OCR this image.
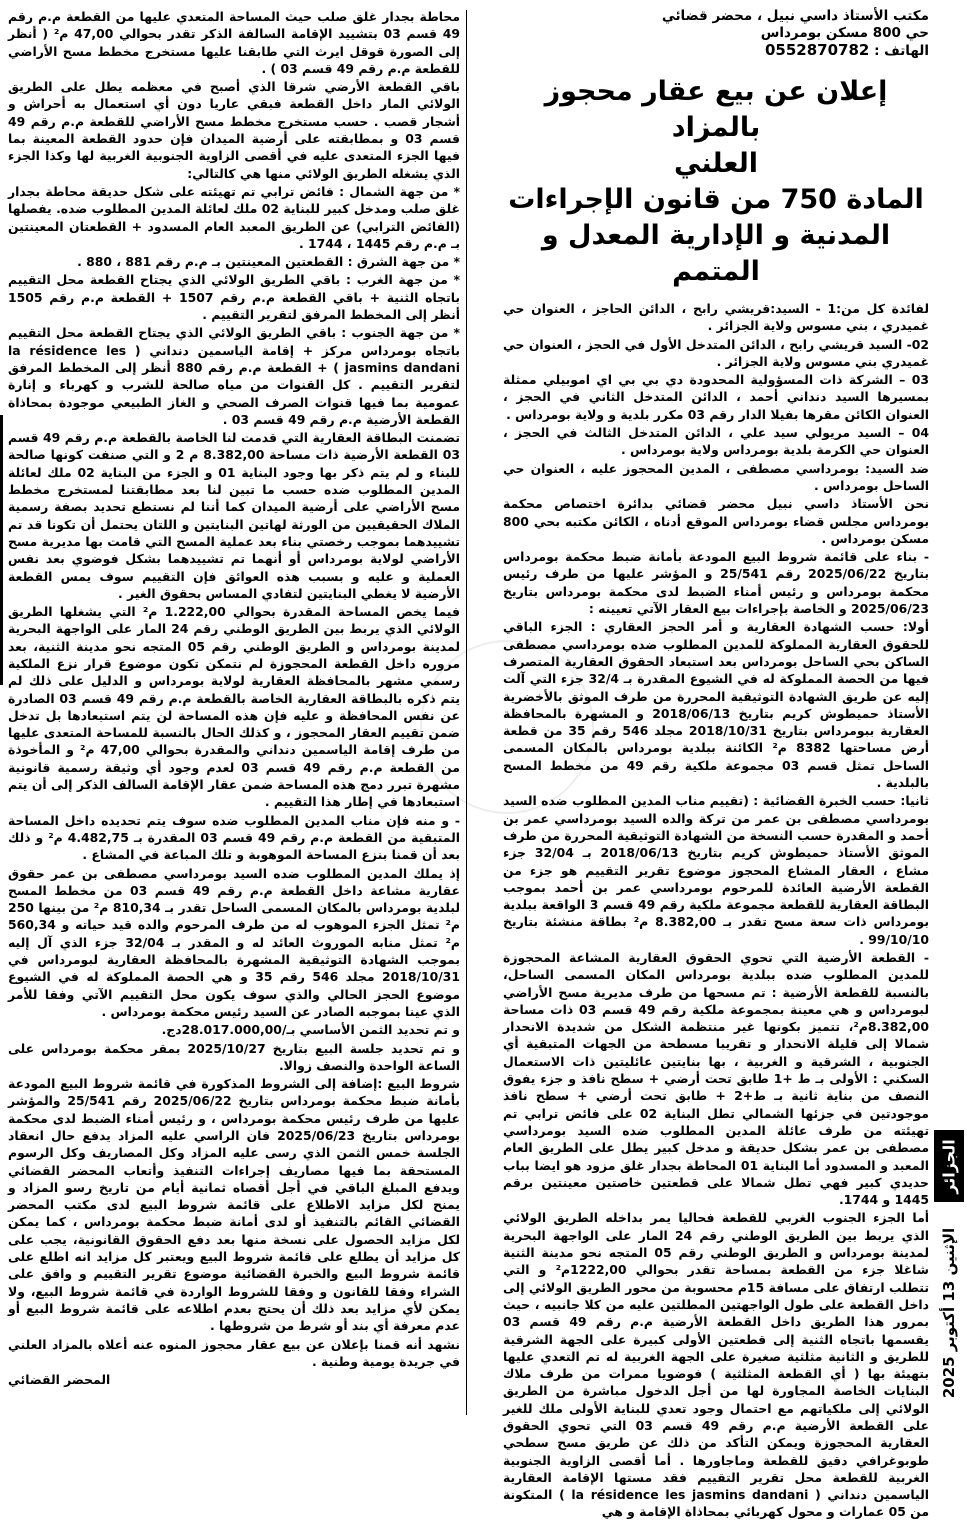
مكتب الأستاذ داسي نبيل ، محضر قضائي
حي 800 مسكن بومرداس
الهاتف : 0552870782
إعلان عن بيع عقار محجوز بالمزاد
العلني
المادة 750 من قانون الإجراءات
المدنية و الإدارية المعدل و المتمم

لفائدة كل من:1 - السيد:قريشي رابح ، الدائن الحاجز ، العنوان حي غميدري ، بني مسوس ولاية الجزائر .

02- السيد قريشي رابح ، الدائن المتدخل الأول في الحجز ، العنوان حي غميدري بني مسوس ولاية الجزائر .

03 – الشركة ذات المسؤولية المحدودة دي بي بي اي اموبيلي ممثلة بمسيرها السيد دنداني أحمد ، الدائن المتدخل الثاني في الحجز ، العنوان الكائن مقرها بفيلا الدار رقم 03 مكرر بلدية و ولاية بومرداس .

04 – السيد مريولي سيد علي ، الدائن المتدخل الثالث في الحجز ، العنوان حي الكرمة بلدية بومرداس ولاية بومرداس .

ضد السيد: بومرداسي مصطفى ، المدين المحجوز عليه ، العنوان حي الساحل بومرداس .

نحن الأستاذ داسي نبيل محضر قضائي بدائرة اختصاص محكمة بومرداس مجلس قضاء بومرداس الموقع أدناه ، الكائن مكتبه بحي 800 مسكن بومرداس .

- بناء على قائمة شروط البيع المودعة بأمانة ضبط محكمة بومرداس بتاريخ 2025/06/22 رقم 25/541 و المؤشر عليها من طرف رئيس محكمة بومرداس و رئيس أمناء الضبط لدى محكمة بومرداس بتاريخ 2025/06/23 و الخاصة بإجراءات بيع العقار الآتي تعيينه :

أولا: حسب الشهادة العقارية و أمر الحجز العقاري : الجزء الباقي للحقوق العقارية المملوكة للمدين المطلوب ضده بومرداسي مصطفى الساكن بحي الساحل بومرداس بعد استبعاد الحقوق العقارية المتصرف فيها من الحصة المملوكة له في الشيوع المقدرة بـ 32/4 جزء التي آلت إليه عن طريق الشهادة التوثيقية المحررة من طرف الموثق بالأخضرية الأستاذ حميطوش كريم بتاريخ 2018/06/13 و المشهرة بالمحافظة العقارية ببومرداس بتاريخ 2018/10/31 مجلد 546 رقم 35 من قطعة أرض مساحتها 8382 م² الكائنة ببلدية بومرداس بالمكان المسمى الساحل تمثل قسم 03 مجموعة ملكية رقم 49 من مخطط المسح بالبلدية .

ثانيا: حسب الخبرة القضائية : (تقييم مناب المدين المطلوب ضده السيد بومرداسي مصطفى بن عمر من تركة والده السيد بومرداسي عمر بن أحمد و المقدرة حسب النسخة من الشهادة التوثيقية المحررة من طرف الموثق الأستاذ حميطوش كريم بتاريخ 2018/06/13 بـ 32/04 جزء مشاع ، العقار المشاع المحجوز موضوع تقرير التقييم هو جزء من القطعة الأرضية العائدة للمرحوم بومرداسي عمر بن أحمد بموجب البطاقة العقارية للقطعة مجموعة ملكية رقم 49 قسم 3 الواقعة ببلدية بومرداس ذات سعة مسح تقدر بـ 8.382,00 م² بطاقة منشئة بتاريخ 99/10/10 .

- القطعة الأرضية التي تحوي الحقوق العقارية المشاعة المحجوزة للمدين المطلوب ضده ببلدية بومرداس المكان المسمى الساحل، بالنسبة للقطعة الأرضية : تم مسحها من طرف مديرية مسح الأراضي لبومرداس و هي معينة بمجموعة ملكية رقم 49 قسم 03 ذات مساحة 8.382,00م²، تتميز بكونها غير منتظمة الشكل من شديدة الانحدار شمالا إلى قليلة الانحدار و تقريبا مسطحة من الجهات المتبقية أي الجنوبية ، الشرقية و الغربية ، بها بنايتين عائليتين ذات الاستعمال السكني : الأولى بـ ط +1 طابق تحت أرضي + سطح نافذ و جزء يفوق النصف من بناية ثانية بـ ط+2 + طابق تحت أرضي + سطح نافذ موجودتين في جزئها الشمالي تطل البناية 02 على فائض ترابي تم تهيئته من طرف عائلة المدين المطلوب ضده السيد بومرداسي مصطفى بن عمر بشكل حديقة و مدخل كبير يطل على الطريق العام المعبد و المسدود أما البناية 01 المحاطة بجدار غلق مزود هو ايضا بباب حديدي كبير فهي تطل شمالا على قطعتين خاصتين معينتين برقم 1445 و 1744.

أما الجزء الجنوب الغربي للقطعة فحاليا يمر بداخله الطريق الولائي الذي يربط بين الطريق الوطني رقم 24 المار على الواجهة البحرية لمدينة بومرداس و الطريق الوطني رقم 05 المتجه نحو مدينة الثنية شاغلا جزء من القطعة بمساحة تقدر بحوالي 1222,00م² و التي تتطلب ارتفاق على مسافة 15م محسوبة من محور الطريق الولائي إلى داخل القطعة على طول الواجهتين المطلتين عليه من كلا جانبيه ، حيث بمرور هذا الطريق داخل القطعة الأرضية م.م رقم 49 قسم 03 يقسمها باتجاه الثنية إلى قطعتين الأولى كبيرة على الجهة الشرقية للطريق و الثانية مثلثية صغيرة على الجهة الغربية له تم التعدي عليها بتهيئة بها ( أي القطعة المثلثية ) فوضويا ممرات من طرف ملاك البنايات الخاصة المجاورة لها من أجل الدخول مباشرة من الطريق الولائي إلى ملكياتهم مع احتمال وجود تعدي للبناية الأولى ملك للغير على القطعة الأرضية م.م رقم 49 قسم 03 التي تحوي الحقوق العقارية المحجوزة ويمكن التأكد من ذلك عن طريق مسح سطحي طوبوغرافي دقيق للقطعة وماجاورها . أما أقصى الزاوية الجنوبية الغربية للقطعة محل تقرير التقييم فقد مستها الإقامة العقارية الياسمين دنداني ( la résidence les jasmins dandani ) المتكونة من 05 عمارات و محول كهربائي بمحاذاة الإقامة و هي

محاطة بجدار غلق صلب حيث المساحة المتعدي عليها من القطعة م.م رقم 49 قسم 03 بتشييد الإقامة السالفة الذكر تقدر بحوالي 47,00 م² ( أنظر إلى الصورة قوقل ايرث التي طابقنا عليها مستخرج مخطط مسح الأراضي للقطعة م.م رقم 49 قسم 03 ) .

باقي القطعة الأرضي شرقا الذي أصبح في معظمه يطل على الطريق الولائي المار داخل القطعة فبقي عاريا دون أي استعمال به أحراش و أشجار قصب . حسب مستخرج مخطط مسح الأراضي للقطعة م.م رقم 49 قسم 03 و بمطابقته على أرضية الميدان فإن حدود القطعة المعينة بما فيها الجزء المتعدى عليه في أقصى الزاوية الجنوبية الغربية لها وكذا الجزء الذي يشغله الطريق الولائي منها هي كالتالي:

* من جهة الشمال : فائض ترابي تم تهيئته على شكل حديقة محاطة بجدار غلق صلب ومدخل كبير للبناية 02 ملك لعائلة المدين المطلوب ضده. يفصلها (الفائض الترابي) عن الطريق المعبد العام المسدود + القطعتان المعينتين بـ م.م رقم 1445 ، 1744 .

* من جهة الشرق : القطعتين المعينتين بـ م.م رقم 881 ، 880 .

* من جهة الغرب : باقي الطريق الولائي الذي يجتاح القطعة محل التقييم باتجاه الثنية + باقي القطعة م.م رقم 1507 + القطعة م.م رقم 1505 أنظر إلى المخطط المرفق لتقرير التقييم .

* من جهة الجنوب : باقي الطريق الولائي الذي يجتاح القطعة محل التقييم باتجاه بومرداس مركز + إقامة الياسمين دنداني ( la résidence les jasmins dandani ) + القطعة م.م رقم 880 أنظر إلى المخطط المرفق لتقرير التقييم . كل القنوات من مياه صالحة للشرب و كهرباء و إنارة عمومية بما فيها قنوات الصرف الصحي و الغاز الطبيعي موجودة بمحاذاة القطعة الأرضية م.م رقم 49 قسم 03 .

تضمنت البطاقة العقارية التي قدمت لنا الخاصة بالقطعة م.م رقم 49 قسم 03 القطعة الأرضية ذات مساحة 8.382,00 م 2 و التي صنفت كونها صالحة للبناء و لم يتم ذكر بها وجود البناية 01 و الجزء من البناية 02 ملك لعائلة المدين المطلوب ضده حسب ما تبين لنا بعد مطابقتنا لمستخرج مخطط مسح الأراضي على أرضية الميدان كما أننا لم نستطع تحديد بصفة رسمية الملاك الحقيقيين من الورثة لهاتين البنايتين و اللتان يحتمل أن تكونا قد تم تشييدهما بموجب رخصتي بناء بعد عملية المسح التي قامت بها مديرية مسح الأراضي لولاية بومرداس أو أنهما تم تشييدهما بشكل فوضوي بعد نفس العملية و عليه و بسبب هذه العوائق فإن التقييم سوف يمس القطعة الأرضية لا يغطي البنايتين لتفادي المساس بحقوق الغير .

فيما يخص المساحة المقدرة بحوالي 1.222,00 م² التي يشغلها الطريق الولائي الذي يربط بين الطريق الوطني رقم 24 المار على الواجهة البحرية لمدينة بومرداس و الطريق الوطني رقم 05 المتجه نحو مدينة الثنية، بعد مروره داخل القطعة المحجوزة لم نتمكن تكون موضوع قرار نزع الملكية رسمي مشهر بالمحافظة العقارية لولاية بومرداس و الدليل على ذلك لم يتم ذكره بالبطاقة العقارية الخاصة بالقطعة م.م رقم 49 قسم 03 الصادرة عن نفس المحافظة و عليه فإن هذه المساحة لن يتم استبعادها بل تدخل ضمن تقييم العقار المحجوز ، و كذلك الحال بالنسبة للمساحة المتعدى عليها من طرف إقامة الياسمين دنداني والمقدرة بحوالي 47,00 م² و المأخوذة من القطعة م.م رقم 49 قسم 03 لعدم وجود أي وثيقة رسمية قانونية مشهرة تبرر دمج هذه المساحة ضمن عقار الإقامة السالف الذكر إلى أن يتم استبعادها في إطار هذا التقييم .

- و منه فإن مناب المدين المطلوب ضده سوف يتم تحديده داخل المساحة المتبقية من القطعة م.م رقم 49 قسم 03 المقدرة بـ 4.482,75 م² و ذلك بعد أن قمنا بنزع المساحة الموهوبة و تلك المباعة في المشاع .

إذ يملك المدين المطلوب ضده السيد بومرداسي مصطفى بن عمر حقوق عقارية مشاعة داخل القطعة م.م رقم 49 قسم 03 من مخطط المسح لبلدية بومرداس بالمكان المسمى الساحل تقدر بـ 810,34 م² من بينها 250 م² تمثل الجزء الموهوب له من طرف المرحوم والده قيد حياته و 560,34 م² تمثل منابه الموروث العائد له و المقدر بـ 32/04 جزء الذي آل إليه بموجب الشهادة التوثيقية المشهرة بالمحافظة العقارية لبومرداس في 2018/10/31 مجلد 546 رقم 35 و هي الحصة المملوكة له في الشيوع موضوع الحجز الحالي والذي سوف يكون محل التقييم الآتي وفقا للأمر الذي عينا بموجبه الصادر عن السيد رئيس محكمة بومرداس .

و تم تحديد الثمن الأساسي بـ/28.017.000,00دج.

و تم تحديد جلسة البيع بتاريخ 2025/10/27 بمقر محكمة بومرداس على الساعة الواحدة والنصف زوالا.

شروط البيع :إضافة إلى الشروط المذكورة في قائمة شروط البيع المودعة بأمانة ضبط محكمة بومرداس بتاريخ 2025/06/22 رقم 25/541 والمؤشر عليها من طرف رئيس محكمة بومرداس ، و رئيس أمناء الضبط لدى محكمة بومرداس بتاريخ 2025/06/23 فان الراسي عليه المزاد يدفع حال انعقاد الجلسة خمس الثمن الذي رسى عليه المزاد وكل المصاريف وكل الرسوم المستحقة بما فيها مصاريف إجراءات التنفيذ وأتعاب المحضر القضائي ويدفع المبلغ الباقي في أجل أقصاه ثمانية أيام من تاريخ رسو المزاد و يمنح لكل مزايد الاطلاع على قائمة شروط البيع لدى مكتب المحضر القضائي القائم بالتنفيذ أو لدى أمانة ضبط محكمة بومرداس ، كما يمكن لكل مزايد الحصول على نسخة منها بعد دفع الحقوق القانونية، يجب على كل مزايد أن يطلع على قائمة شروط البيع ويعتبر كل مزايد انه اطلع على قائمة شروط البيع والخبرة القضائية موضوع تقرير التقييم و وافق على الشراء وفقا للقانون و وفقا للشروط الواردة في قائمة شروط البيع، ولا يمكن لأي مزايد بعد ذلك أن يحتج بعدم اطلاعه على قائمة شروط البيع أو عدم معرفة أي بند أو شرط من شروطها .

نشهد أنه قمنا بإعلان عن بيع عقار محجوز المنوه عنه أعلاه بالمزاد العلني في جريدة يومية وطنية .

المحضر القضائي

الجزائر
الإثنين 13 أكتوبر 2025
